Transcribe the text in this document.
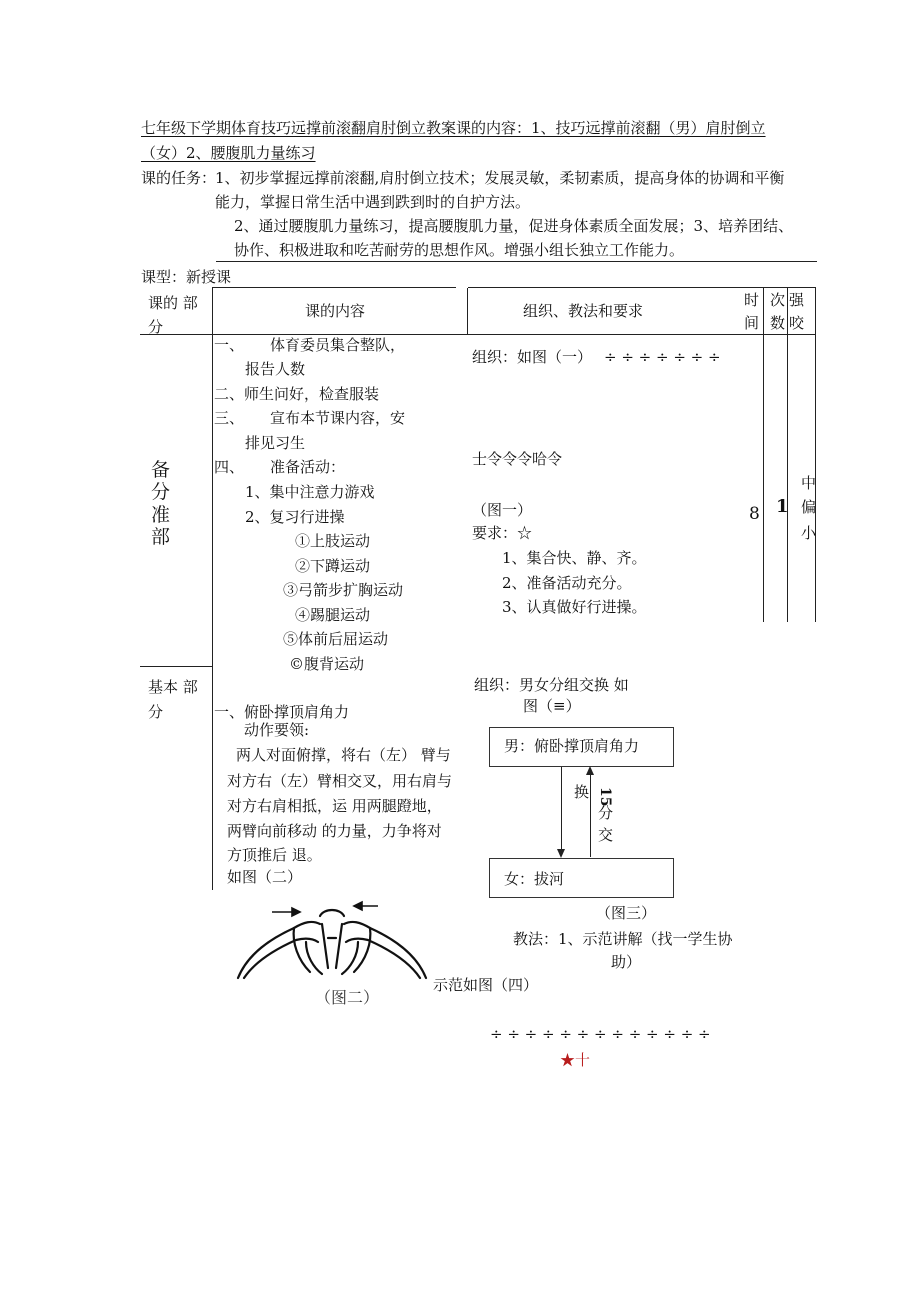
七年级下学期体育技巧远撑前滚翻肩肘倒立教案课的内容：1、技巧远撑前滚翻（男）肩肘倒立
（女）2、腰腹肌力量练习
课的任务：
1、初步掌握远撑前滚翻,肩肘倒立技术；发展灵敏，柔韧素质，提高身体的协调和平衡
能力，掌握日常生活中遇到跌到时的自护方法。
2、通过腰腹肌力量练习，提高腰腹肌力量，促进身体素质全面发展；3、培养团结、
协作、积极进取和吃苦耐劳的思想作风。增强小组长独立工作能力。
课型：新授课
课的 部
分
课的内容	组织、教法和要求
时
间
次
数
强
咬
备
分
准
部
一、 体育委员集合整队，
报告人数
二、师生问好，检查服装
三、 宣布本节课内容，安
排见习生
四、 准备活动：
1、集中注意力游戏
2、复习行进操
①上肢运动
②下蹲运动
③弓箭步扩胸运动
④踢腿运动
⑤体前后屈运动
©腹背运动
组织：如图（一） ÷ ÷ ÷ ÷ ÷ ÷ ÷
士令令令哈令
（图一）
要求：☆
1、集合快、静、齐。
2、准备活动充分。
3、认真做好行进操。
8 1
中
偏
小
基本 部
分	一、俯卧撑顶肩角力
动作要领:
两人对面俯撑，将右（左） 臂与
对方右（左）臂相交叉，用右肩与
对方右肩相抵，运 用两腿蹬地，
两臂向前移动 的力量，力争将对
方顶推后 退。
如图（二）
（图二）
组织：男女分组交换 如
图（≡）
男：俯卧撑顶肩角力
女：拔河
换 15
分
交
（图三）
教法：1、示范讲解（找一学生协
助）
示范如图（四）
÷ ÷ ÷ ÷ ÷ ÷ ÷ ÷ ÷ ÷ ÷ ÷ ÷
★十
